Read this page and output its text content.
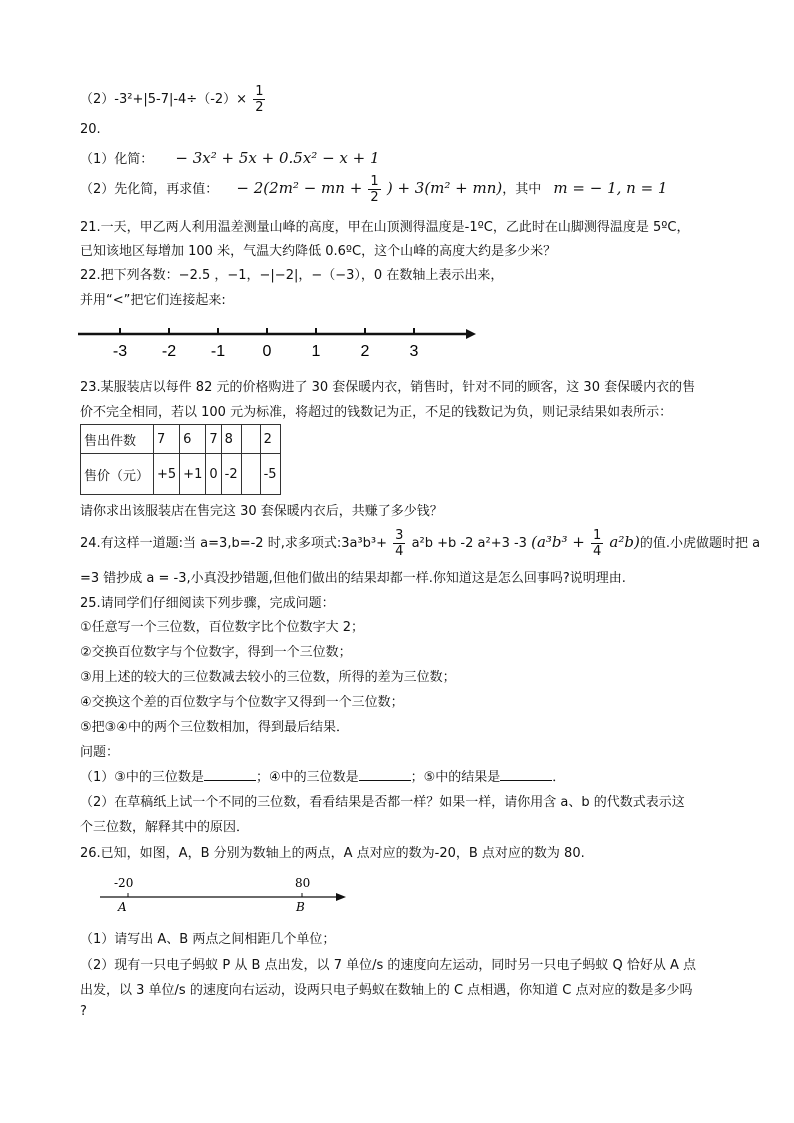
$(2)-3^2+|5-7|-4\div(-2)\times \frac{1}{2}$
20.
（1）化简： − 3x² + 5x + 0.5x² − x + 1
（2）先化简，再求值： − 2(2m² − mn + $\frac{1}{2}$ ) + 3(m² + mn)，其中 m = − 1, n = 1
21.一天，甲乙两人利用温差测量山峰的高度，甲在山顶测得温度是-1ºC，乙此时在山脚测得温度是 5ºC，
已知该地区每增加 100 米，气温大约降低 0.6ºC，这个山峰的高度大约是多少米？
22.把下列各数：−2.5 ，−1，−|−2|，−（−3），0 在数轴上表示出来，
并用“<”把它们连接起来:
-3 -2 -1 0	1	2	3
23.某服装店以每件 82 元的价格购进了 30 套保暖内衣，销售时，针对不同的顾客，这 30 套保暖内衣的售
价不完全相同，若以 100 元为标准，将超过的钱数记为正，不足的钱数记为负，则记录结果如表所示：
售出件数	7	6	7	8		2
售价（元）	+5	+1	0	-2		-5
请你求出该服装店在售完这 30 套保暖内衣后，共赚了多少钱？
24.有这样一道题:当 a=3,b=-2 时,求多项式:3a³b³+ $\frac{3}{4} a^2b +b$ -2 a²+3 -3 $(a^3b^3 + \frac{1}{4} a^2b)$的值.小虎做题时把 a
=3 错抄成 a = -3,小真没抄错题,但他们做出的结果却都一样.你知道这是怎么回事吗?说明理由.
25.请同学们仔细阅读下列步骤，完成问题：
①任意写一个三位数，百位数字比个位数字大 2；
②交换百位数字与个位数字，得到一个三位数；
③用上述的较大的三位数减去较小的三位数，所得的差为三位数；
④交换这个差的百位数字与个位数字又得到一个三位数；
⑤把③④中的两个三位数相加，得到最后结果．
问题：
（1）③中的三位数是	；④中的三位数是	；⑤中的结果是	．
（2）在草稿纸上试一个不同的三位数，看看结果是否都一样？如果一样，请你用含 a、b 的代数式表示这
个三位数，解释其中的原因．
26.已知，如图，A，B 分别为数轴上的两点，A 点对应的数为-20，B 点对应的数为 80.
-20	80
A	B
（1）请写出 A、B 两点之间相距几个单位；
（2）现有一只电子蚂蚁 P 从 B 点出发，以 7 单位/s 的速度向左运动，同时另一只电子蚂蚁 Q 恰好从 A 点
出发，以 3 单位/s 的速度向右运动，设两只电子蚂蚁在数轴上的 C 点相遇，你知道 C 点对应的数是多少吗
?
